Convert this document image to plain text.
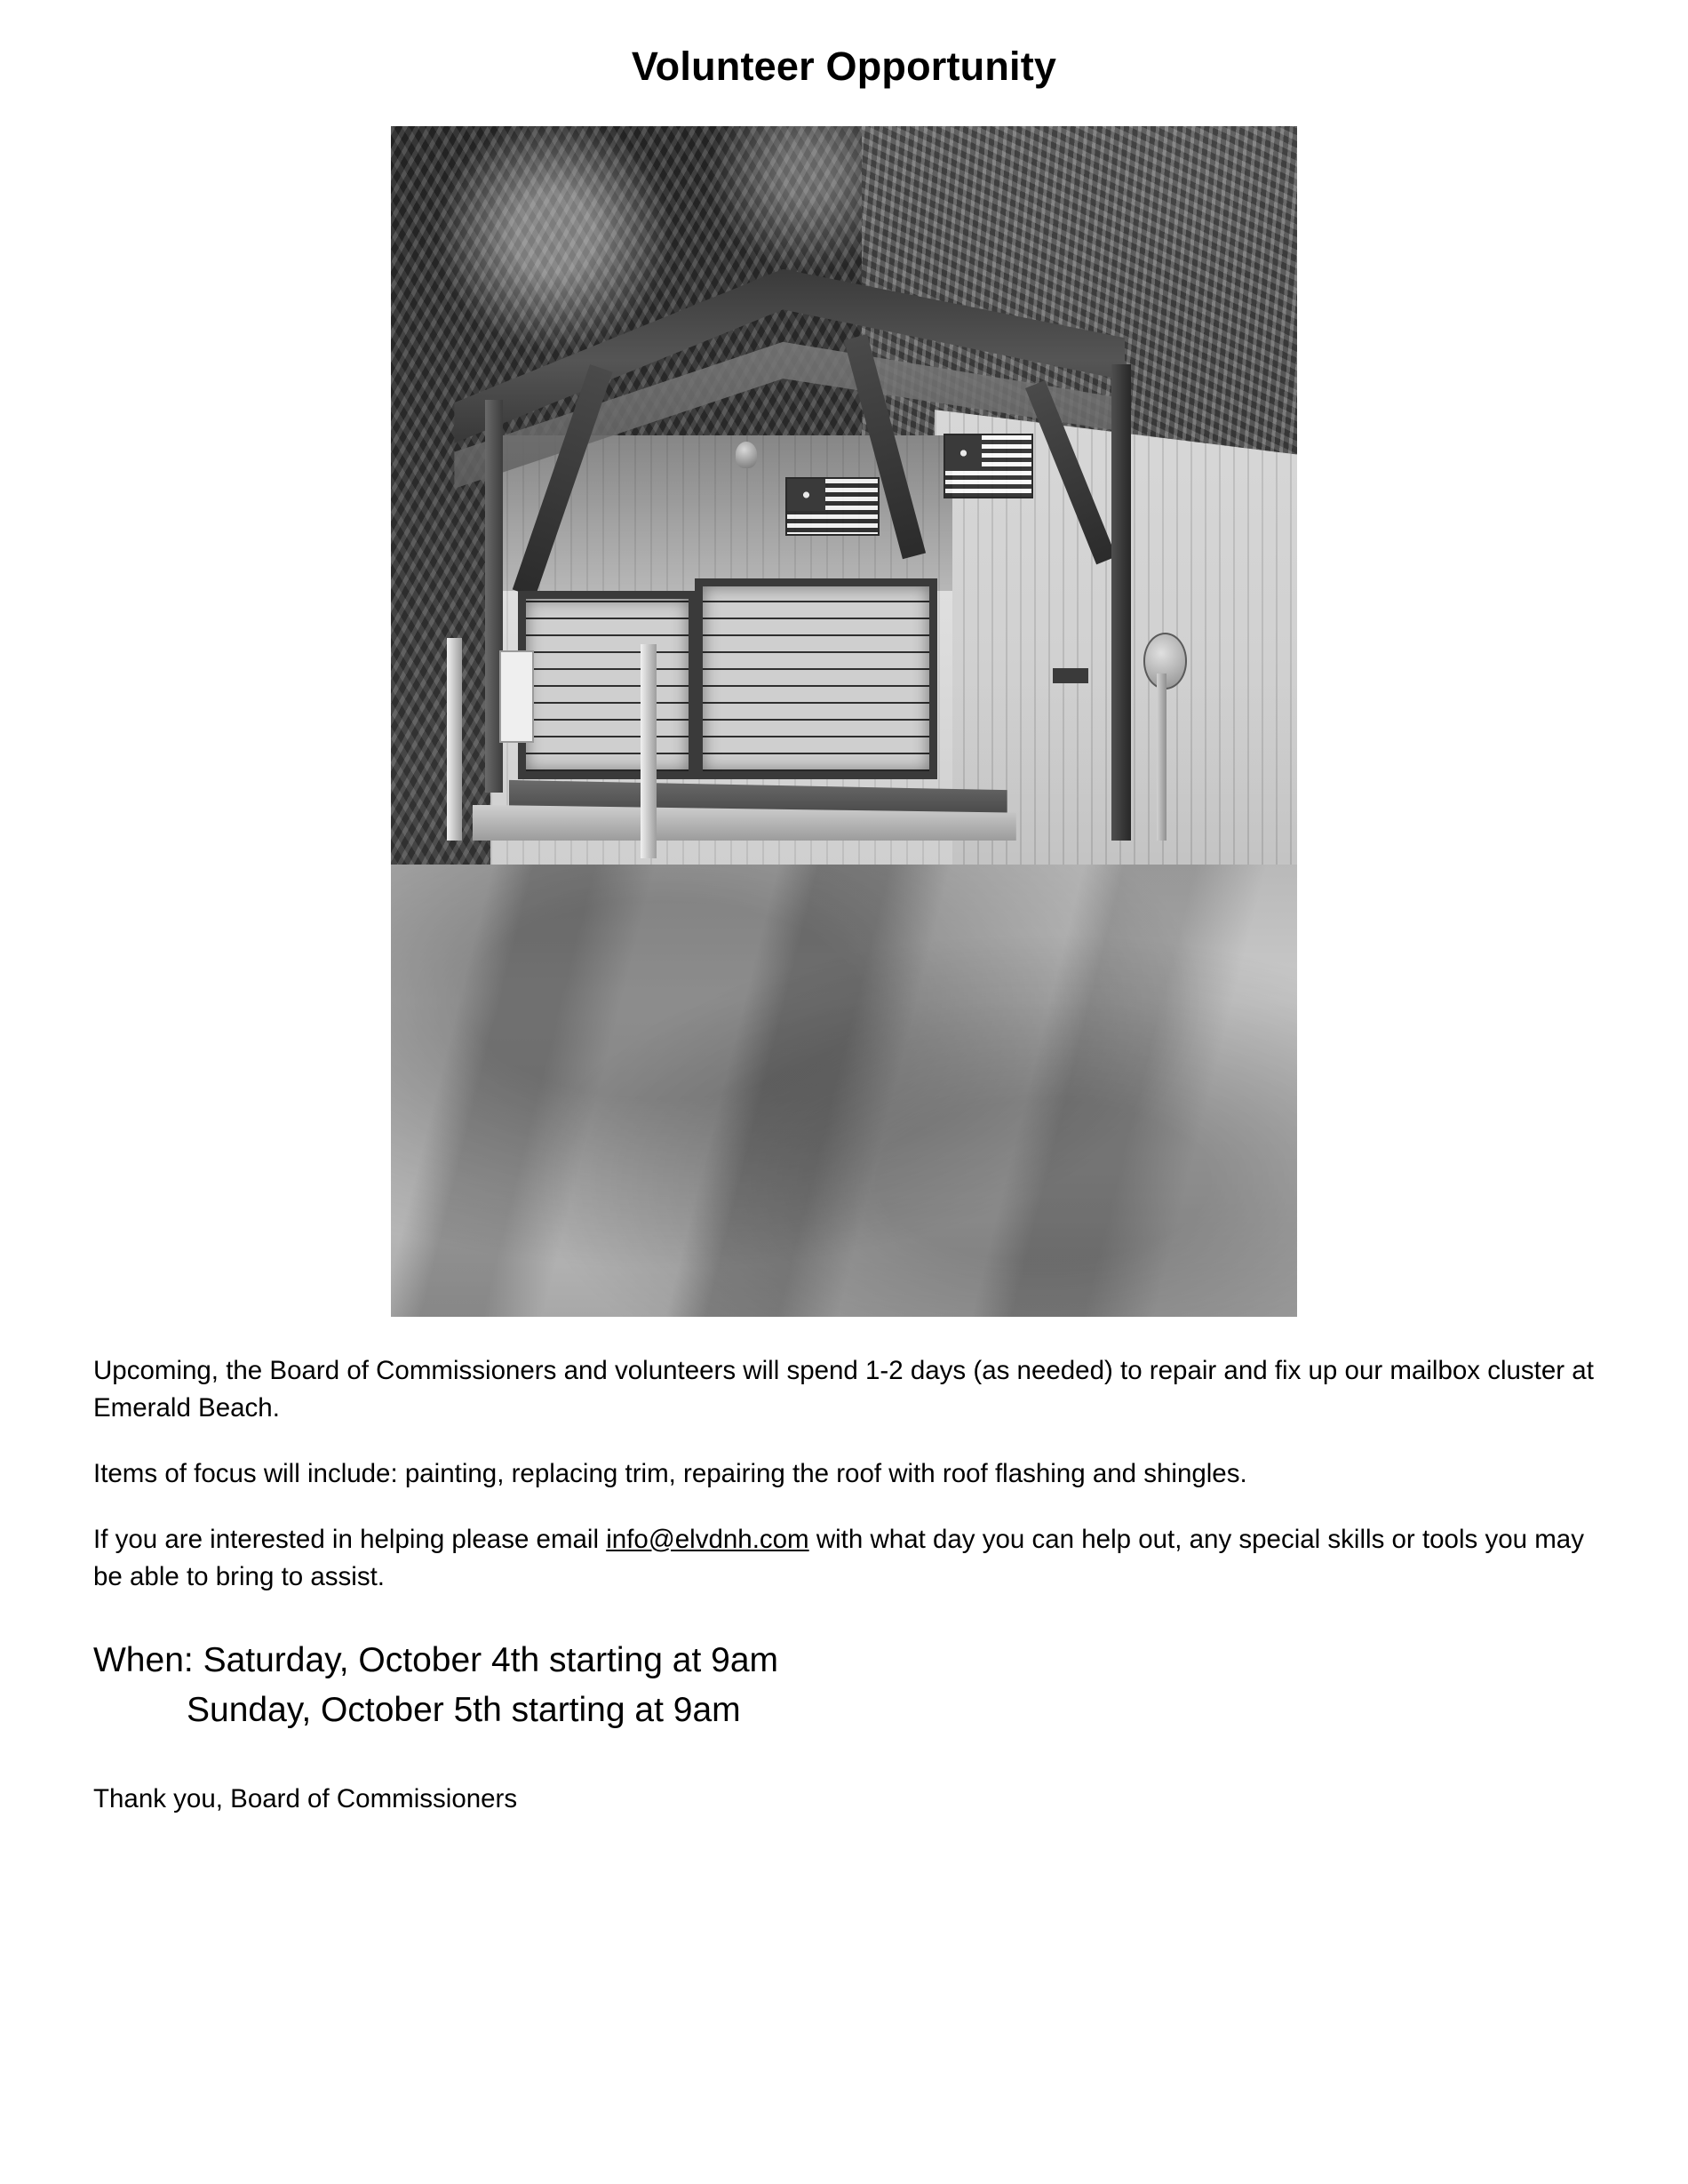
Volunteer Opportunity

Upcoming, the Board of Commissioners and volunteers will spend 1-2 days (as needed) to repair and fix up our mailbox cluster at Emerald Beach.

Items of focus will include: painting, replacing trim, repairing the roof with roof flashing and shingles.

If you are interested in helping please email info@elvdnh.com with what day you can help out, any special skills or tools you may be able to bring to assist.

When: Saturday, October 4th starting at 9am

Sunday, October 5th starting at 9am

Thank you, Board of Commissioners
